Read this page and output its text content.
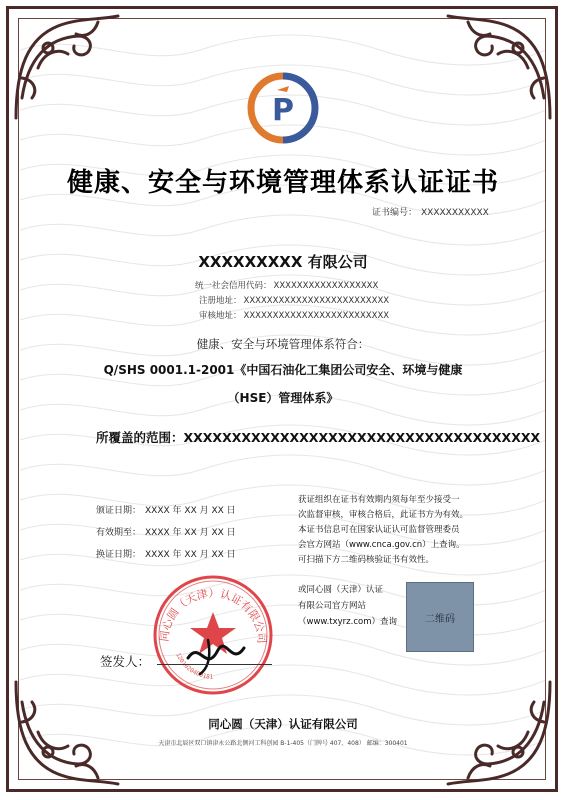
P
健康、安全与环境管理体系认证证书
证书编号： XXXXXXXXXXX
XXXXXXXXX 有限公司
统一社会信用代码： XXXXXXXXXXXXXXXXXX
注册地址： XXXXXXXXXXXXXXXXXXXXXXXXX
审核地址： XXXXXXXXXXXXXXXXXXXXXXXXX
健康、安全与环境管理体系符合：
Q/SHS 0001.1-2001《中国石油化工集团公司安全、环境与健康
（HSE）管理体系》
所覆盖的范围：XXXXXXXXXXXXXXXXXXXXXXXXXXXXXXXXXXXXX
颁证日期： XXXX 年 XX 月 XX 日
有效期至： XXXX 年 XX 月 XX 日
换证日期： XXXX 年 XX 月 XX 日

获证组织在证书有效期内须每年至少接受一

次监督审核，审核合格后，此证书方为有效。

本证书信息可在国家认证认可监督管理委员

会官方网站（www.cnca.gov.cn）上查询。

可扫描下方二维码核验证书有效性。

或同心圆（天津）认证

有限公司官方网站

（www.txyrz.com）查询	二维码
同心圆（天津）认证有限公司
1201020400181
签发人：
同心圆（天津）认证有限公司
天津市北辰区双口镇津永公路北侧河工科创园 B-1-405（门牌号 407、408） 邮编：300401
